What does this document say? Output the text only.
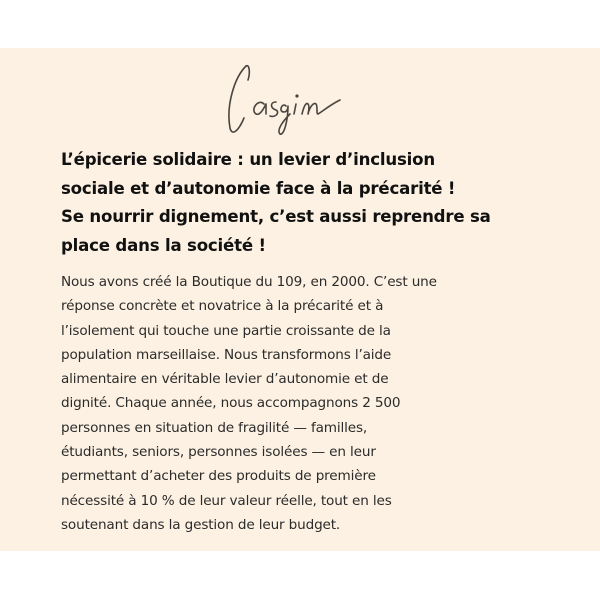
L’épicerie solidaire : un levier d’inclusion
sociale et d’autonomie face à la précarité !
Se nourrir dignement, c’est aussi reprendre sa
place dans la société !

Nous avons créé la Boutique du 109, en 2000. C’est une
réponse concrète et novatrice à la précarité et à
l’isolement qui touche une partie croissante de la
population marseillaise. Nous transformons l’aide
alimentaire en véritable levier d’autonomie et de
dignité. Chaque année, nous accompagnons 2 500
personnes en situation de fragilité — familles,
étudiants, seniors, personnes isolées — en leur
permettant d’acheter des produits de première
nécessité à 10 % de leur valeur réelle, tout en les
soutenant dans la gestion de leur budget.
